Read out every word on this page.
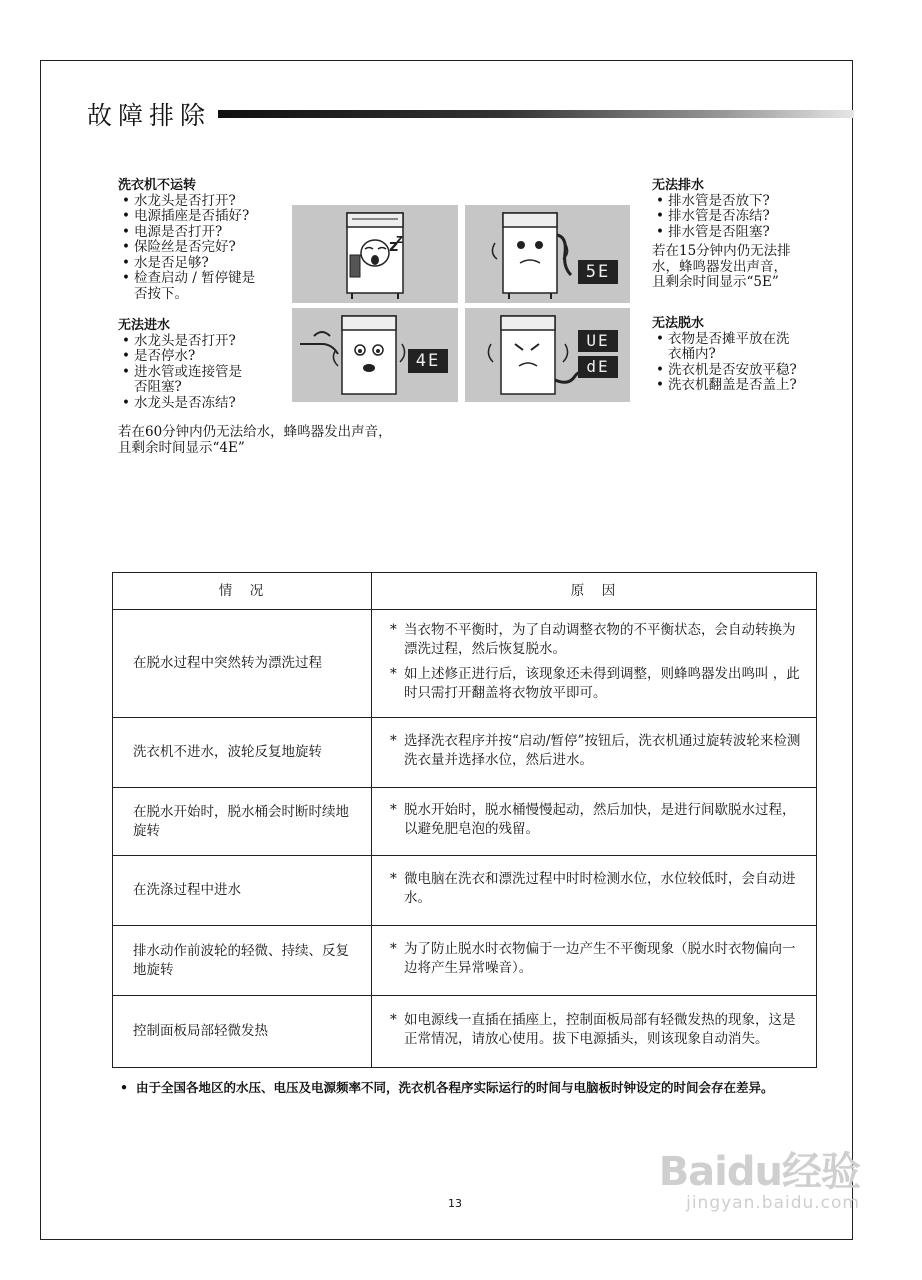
故障排除
洗衣机不运转
• 水龙头是否打开?
• 电源插座是否插好?
• 电源是否打开?
• 保险丝是否完好?
• 水是否足够?
• 检查启动 / 暂停键是
否按下。
无法进水
• 水龙头是否打开?
• 是否停水?
• 进水管或连接管是
否阻塞?
• 水龙头是否冻结?
若在60分钟内仍无法给水，蜂鸣器发出声音，
且剩余时间显示“4E”
无法排水
• 排水管是否放下?
• 排水管是否冻结?
• 排水管是否阻塞?
若在15分钟内仍无法排
水，蜂鸣器发出声音，
且剩余时间显示“5E”
无法脱水
• 衣物是否摊平放在洗
衣桶内?
• 洗衣机是否安放平稳?
• 洗衣机翻盖是否盖上?
z
z
5E
4E
UE
dE
情　况	原　因
在脱水过程中突然转为漂洗过程	* 当衣物不平衡时，为了自动调整衣物的不平衡状态，会自动转换为漂洗过程，然后恢复脱水。
* 如上述修正进行后，该现象还未得到调整，则蜂鸣器发出鸣叫 ，此时只需打开翻盖将衣物放平即可。

洗衣机不进水，波轮反复地旋转	* 选择洗衣程序并按“启动/暂停”按钮后，洗衣机通过旋转波轮来检测洗衣量并选择水位，然后进水。

在脱水开始时，脱水桶会时断时续地旋转	* 脱水开始时，脱水桶慢慢起动，然后加快，是进行间歇脱水过程，以避免肥皂泡的残留。

在洗涤过程中进水	* 微电脑在洗衣和漂洗过程中时时检测水位，水位较低时，会自动进水。

排水动作前波轮的轻微、持续、反复地旋转	* 为了防止脱水时衣物偏于一边产生不平衡现象（脱水时衣物偏向一边将产生异常噪音）。

控制面板局部轻微发热	* 如电源线一直插在插座上，控制面板局部有轻微发热的现象，这是正常情况，请放心使用。拔下电源插头，则该现象自动消失。
• 由于全国各地区的水压、电压及电源频率不同，洗衣机各程序实际运行的时间与电脑板时钟设定的时间会存在差异。
13
Baidu经验
jingyan.baidu.com
